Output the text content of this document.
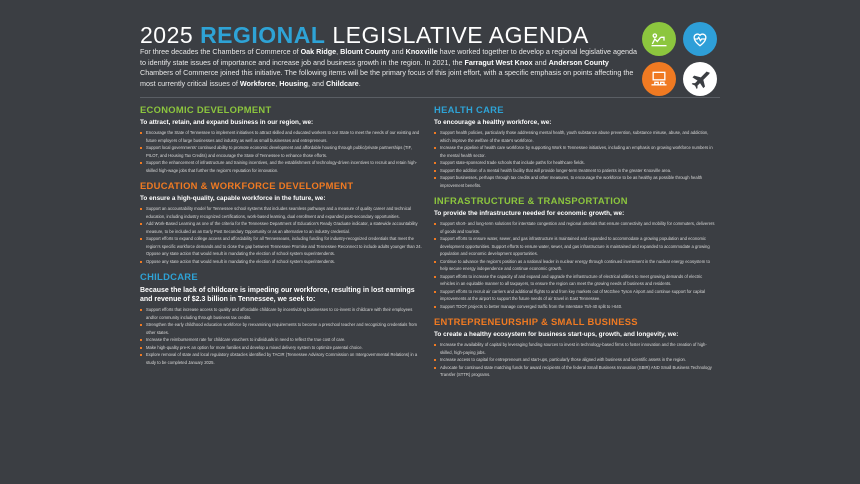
2025 REGIONAL LEGISLATIVE AGENDA
For three decades the Chambers of Commerce of Oak Ridge, Blount County and Knoxville have worked together to develop a regional legislative agenda to identify state issues of importance and increase job and business growth in the region. In 2021, the Farragut West Knox and Anderson County Chambers of Commerce joined this initiative. The following items will be the primary focus of this joint effort, with a specific emphasis on points affecting the most currently critical issues of Workforce, Housing, and Childcare.
ECONOMIC DEVELOPMENT
To attract, retain, and expand business in our region, we:
Encourage the State of Tennessee to implement initiatives to attract skilled and educated workers to our State to meet the needs of our existing and future employers of large businesses and industry as well as small businesses and entrepreneurs.
Support local governments' continued ability to promote economic development and affordable housing through public/private partnerships (TIF, PILOT, and Housing Tax Credits) and encourage the State of Tennessee to enhance those efforts.
Support the enhancement of infrastructure and training incentives, and the establishment of technology-driven incentives to recruit and retain high-skilled high-wage jobs that further the region's reputation for innovation.
EDUCATION & WORKFORCE DEVELOPMENT
To ensure a high-quality, capable workforce in the future, we:
Support an accountability model for Tennessee school systems that includes seamless pathways and a measure of quality career and technical education, including industry recognized certifications, work-based learning, dual enrollment and expanded post-secondary opportunities.
Add Work-Based Learning as one of the criteria for the Tennessee Department of Education's Ready Graduate indicator, a statewide accountability measure, to be included as an Early Post Secondary Opportunity or as an alternative to an industry credential.
Support efforts to expand college access and affordability for all Tennesseans, including funding for industry-recognized credentials that meet the region's specific workforce demands and to close the gap between Tennessee Promise and Tennessee Reconnect to include adults younger than 24. Oppose any state action that would result in mandating the election of school system superintendents.
Oppose any state action that would result in mandating the election of school system superintendents.
CHILDCARE
Because the lack of childcare is impeding our workforce, resulting in lost earnings and revenue of $2.3 billion in Tennessee, we seek to:
Support efforts that increase access to quality and affordable childcare by incentivizing businesses to co-invest in childcare with their employees and/or community including through business tax credits.
Strengthen the early childhood education workforce by reexamining requirements to become a preschool teacher and recognizing credentials from other states.
Increase the reimbursement rate for childcare vouchers to individuals in need to reflect the true cost of care.
Make high-quality pre-K an option for more families and develop a mixed delivery system to optimize parental choice.
Explore removal of state and local regulatory obstacles identified by TACIR (Tennessee Advisory Commission on Intergovernmental Relations) in a study to be completed January 2025.
HEALTH CARE
To encourage a healthy workforce, we:
Support health policies, particularly those addressing mental health, youth substance abuse prevention, substance misuse, abuse, and addiction, which improve the welfare of the state's workforce.
Increase the pipeline of health care workforce by supporting Work In Tennessee initiatives, including an emphasis on growing workforce numbers in the mental health sector.
Support state-sponsored trade schools that include paths for healthcare fields.
Support the addition of a mental health facility that will provide longer-term treatment to patients in the greater Knoxville area.
Support businesses, perhaps through tax credits and other measures, to encourage the workforce to be as healthy as possible through health improvement benefits.
INFRASTRUCTURE & TRANSPORTATION
To provide the infrastructure needed for economic growth, we:
Support short- and long-term solutions for interstate congestion and regional arterials that ensure connectivity and mobility for commuters, deliverers of goods and tourists.
Support efforts to ensure water, sewer, and gas infrastructure is maintained and expanded to accommodate a growing population and economic development opportunities. Support efforts to ensure water, sewer, and gas infrastructure is maintained and expanded to accommodate a growing population and economic development opportunities.
Continue to advance the region's position as a national leader in nuclear energy through continued investment in the nuclear energy ecosystem to help secure energy independence and continue economic growth.
Support efforts to increase the capacity of and expand and upgrade the infrastructure of electrical utilities to meet growing demands of electric vehicles in an equitable manner to all taxpayers, to ensure the region can meet the growing needs of business and residents.
Support efforts to recruit air carriers and additional flights to and from key markets out of McGhee Tyson Airport and continue support for capital improvements at the airport to support the future needs of air travel in East Tennessee.
Support TDOT projects to better manage converged traffic from the Interstate 75/I-40 split to I-640.
ENTREPRENEURSHIP & SMALL BUSINESS
To create a healthy ecosystem for business start-ups, growth, and longevity, we:
Increase the availability of capital by leveraging funding sources to invest in technology-based firms to foster innovation and the creation of high-skilled, high-paying jobs.
Increase access to capital for entrepreneurs and start-ups, particularly those aligned with business and scientific assets in the region.
Advocate for continued state matching funds for award recipients of the federal Small Business Innovation (SBIR) AND Small Business Technology Transfer (STTR) programs.
